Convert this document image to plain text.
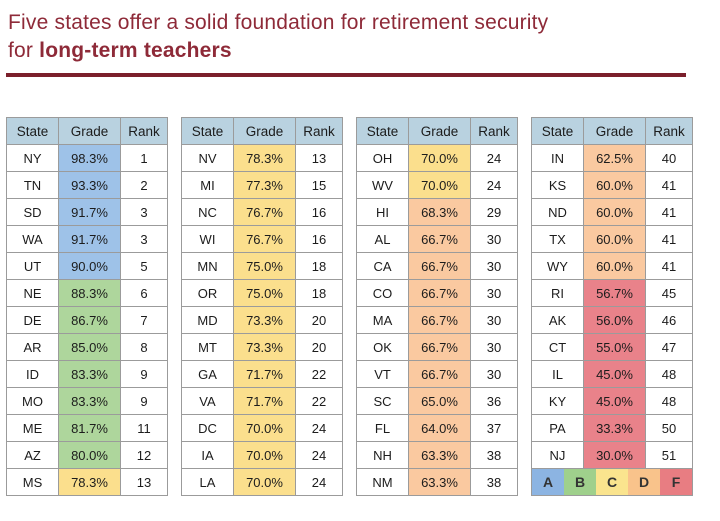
Five states offer a solid foundation for retirement security
for long-term teachers
State	Grade	Rank
NY	98.3%	1
TN	93.3%	2
SD	91.7%	3
WA	91.7%	3
UT	90.0%	5
NE	88.3%	6
DE	86.7%	7
AR	85.0%	8
ID	83.3%	9
MO	83.3%	9
ME	81.7%	11
AZ	80.0%	12
MS	78.3%	13
State	Grade	Rank
NV	78.3%	13
MI	77.3%	15
NC	76.7%	16
WI	76.7%	16
MN	75.0%	18
OR	75.0%	18
MD	73.3%	20
MT	73.3%	20
GA	71.7%	22
VA	71.7%	22
DC	70.0%	24
IA	70.0%	24
LA	70.0%	24
State	Grade	Rank
OH	70.0%	24
WV	70.0%	24
HI	68.3%	29
AL	66.7%	30
CA	66.7%	30
CO	66.7%	30
MA	66.7%	30
OK	66.7%	30
VT	66.7%	30
SC	65.0%	36
FL	64.0%	37
NH	63.3%	38
NM	63.3%	38
State	Grade	Rank
IN	62.5%	40
KS	60.0%	41
ND	60.0%	41
TX	60.0%	41
WY	60.0%	41
RI	56.7%	45
AK	56.0%	46
CT	55.0%	47
IL	45.0%	48
KY	45.0%	48
PA	33.3%	50
NJ	30.0%	51

A B C D F		
